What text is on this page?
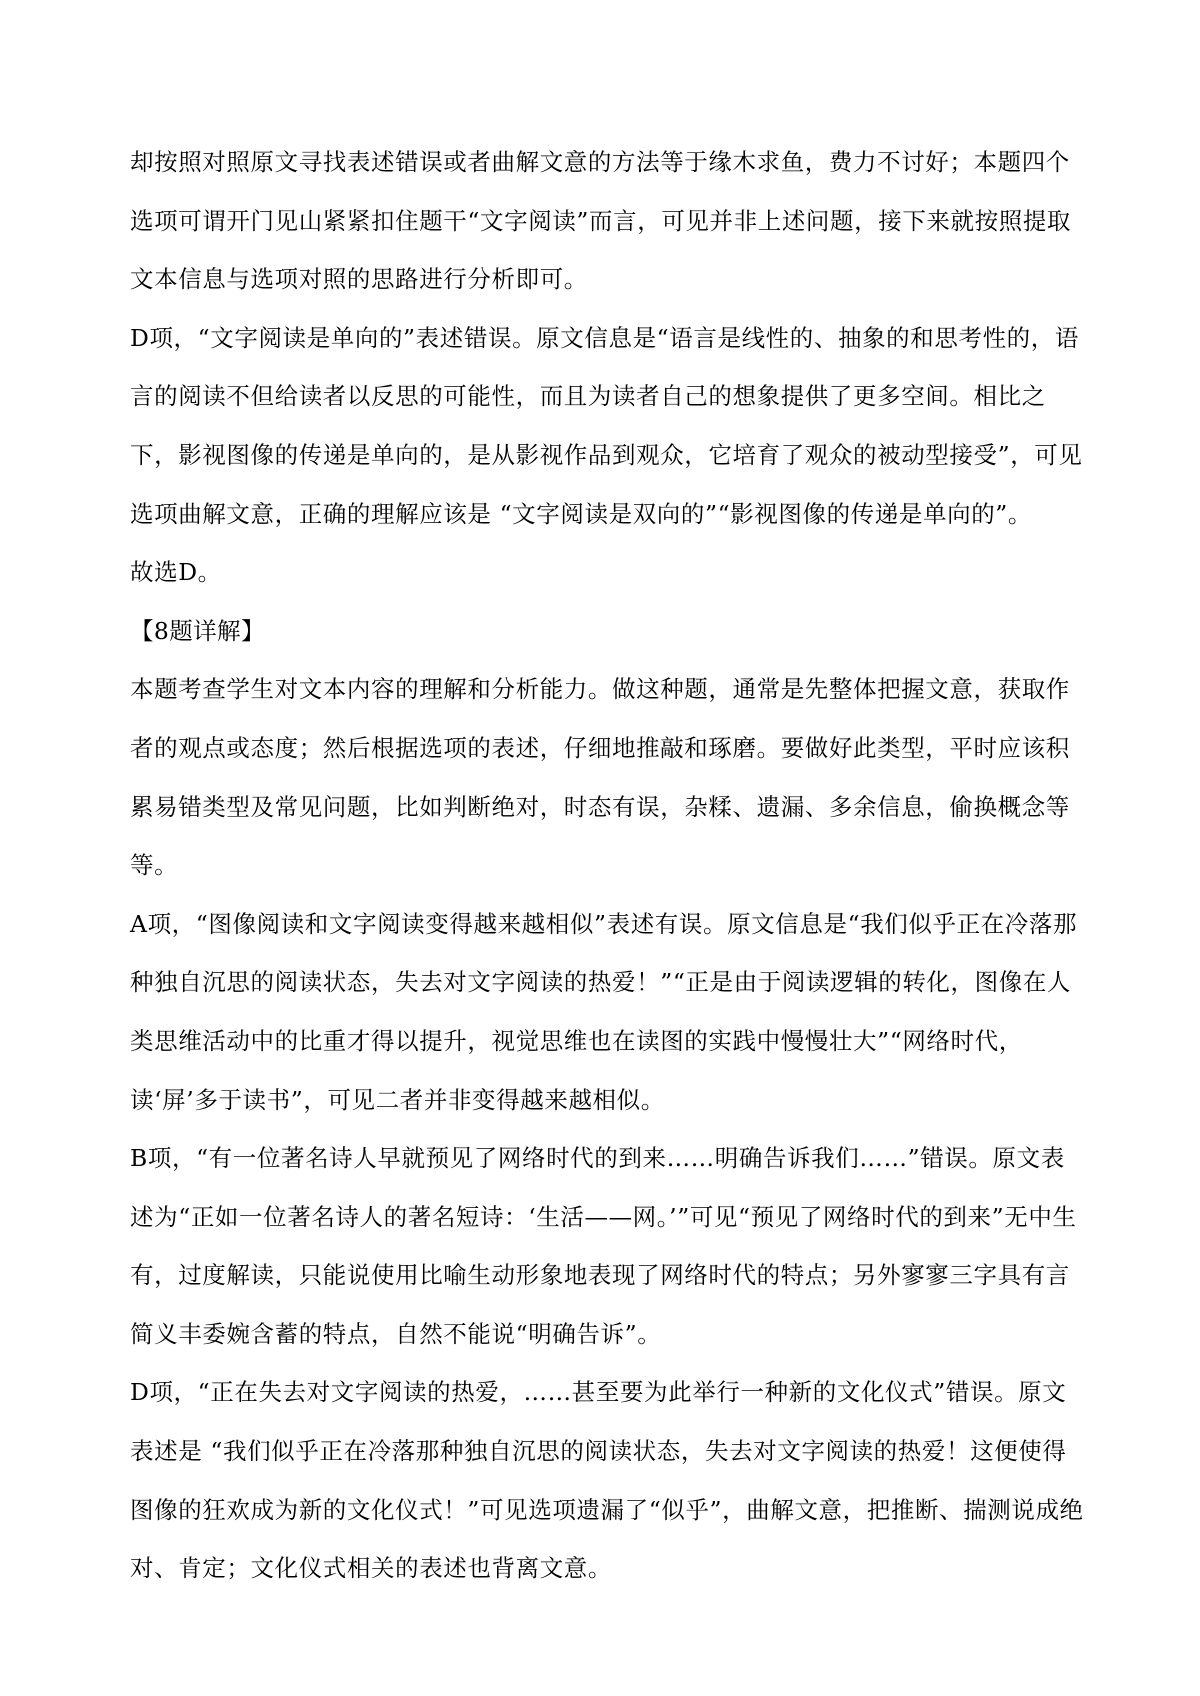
却按照对照原文寻找表述错误或者曲解文意的方法等于缘木求鱼，费力不讨好；本题四个选项可谓开门见山紧紧扣住题干“文字阅读”而言，可见并非上述问题，接下来就按照提取文本信息与选项对照的思路进行分析即可。

D项，“文字阅读是单向的”表述错误。原文信息是“语言是线性的、抽象的和思考性的，语言的阅读不但给读者以反思的可能性，而且为读者自己的想象提供了更多空间。相比之下，影视图像的传递是单向的，是从影视作品到观众，它培育了观众的被动型接受”，可见选项曲解文意，正确的理解应该是 “文字阅读是双向的”“影视图像的传递是单向的”。

故选D。

【8题详解】

本题考查学生对文本内容的理解和分析能力。做这种题，通常是先整体把握文意，获取作者的观点或态度；然后根据选项的表述，仔细地推敲和琢磨。要做好此类型，平时应该积累易错类型及常见问题，比如判断绝对，时态有误，杂糅、遗漏、多余信息，偷换概念等等。

A项，“图像阅读和文字阅读变得越来越相似”表述有误。原文信息是“我们似乎正在冷落那种独自沉思的阅读状态，失去对文字阅读的热爱！”“正是由于阅读逻辑的转化，图像在人类思维活动中的比重才得以提升，视觉思维也在读图的实践中慢慢壮大”“网络时代，读‘屏’多于读书”，可见二者并非变得越来越相似。

B项，“有一位著名诗人早就预见了网络时代的到来……明确告诉我们……”错误。原文表述为“正如一位著名诗人的著名短诗：‘生活——网。’”可见“预见了网络时代的到来”无中生有，过度解读，只能说使用比喻生动形象地表现了网络时代的特点；另外寥寥三字具有言简义丰委婉含蓄的特点，自然不能说“明确告诉”。

D项，“正在失去对文字阅读的热爱，……甚至要为此举行一种新的文化仪式”错误。原文表述是 “我们似乎正在冷落那种独自沉思的阅读状态，失去对文字阅读的热爱！这便使得图像的狂欢成为新的文化仪式！”可见选项遗漏了“似乎”，曲解文意，把推断、揣测说成绝对、肯定；文化仪式相关的表述也背离文意。
